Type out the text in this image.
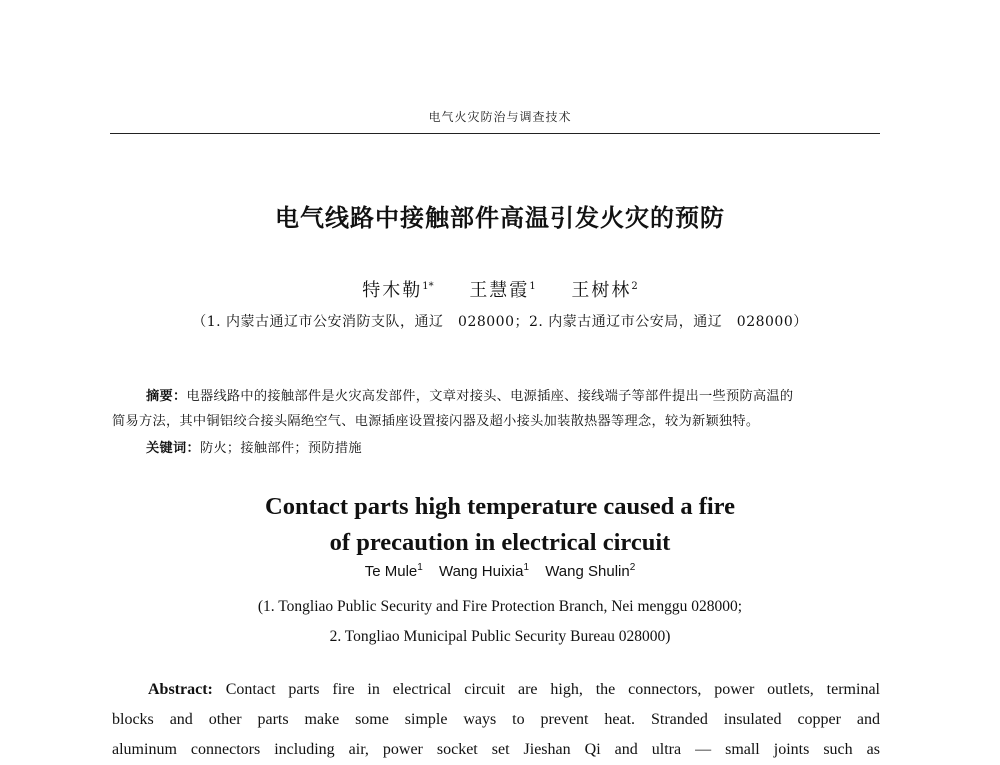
电气火灾防治与调查技术
电气线路中接触部件高温引发火灾的预防
特木勒$^{1*}$ 王慧霞$^1$ 王树林$^2$
（1. 内蒙古通辽市公安消防支队，通辽　028000；2. 内蒙古通辽市公安局，通辽　028000）
摘要：电器线路中的接触部件是火灾高发部件，文章对接头、电源插座、接线端子等部件提出一些预防高温的
简易方法，其中铜铝绞合接头隔绝空气、电源插座设置接闪器及超小接头加装散热器等理念，较为新颖独特。
关键词：防火；接触部件；预防措施
Contact parts high temperature caused a fire
of precaution in electrical circuit
Te Mule$^1$ Wang Huixia$^1$ Wang Shulin$^2$
(1. Tongliao Public Security and Fire Protection Branch, Nei menggu 028000;
2. Tongliao Municipal Public Security Bureau 028000)
Abstract: Contact parts fire in electrical circuit are high, the connectors, power outlets, terminal
blocks and other parts make some simple ways to prevent heat. Stranded insulated copper and
aluminum connectors including air, power socket set Jieshan Qi and ultra — small joints such as
